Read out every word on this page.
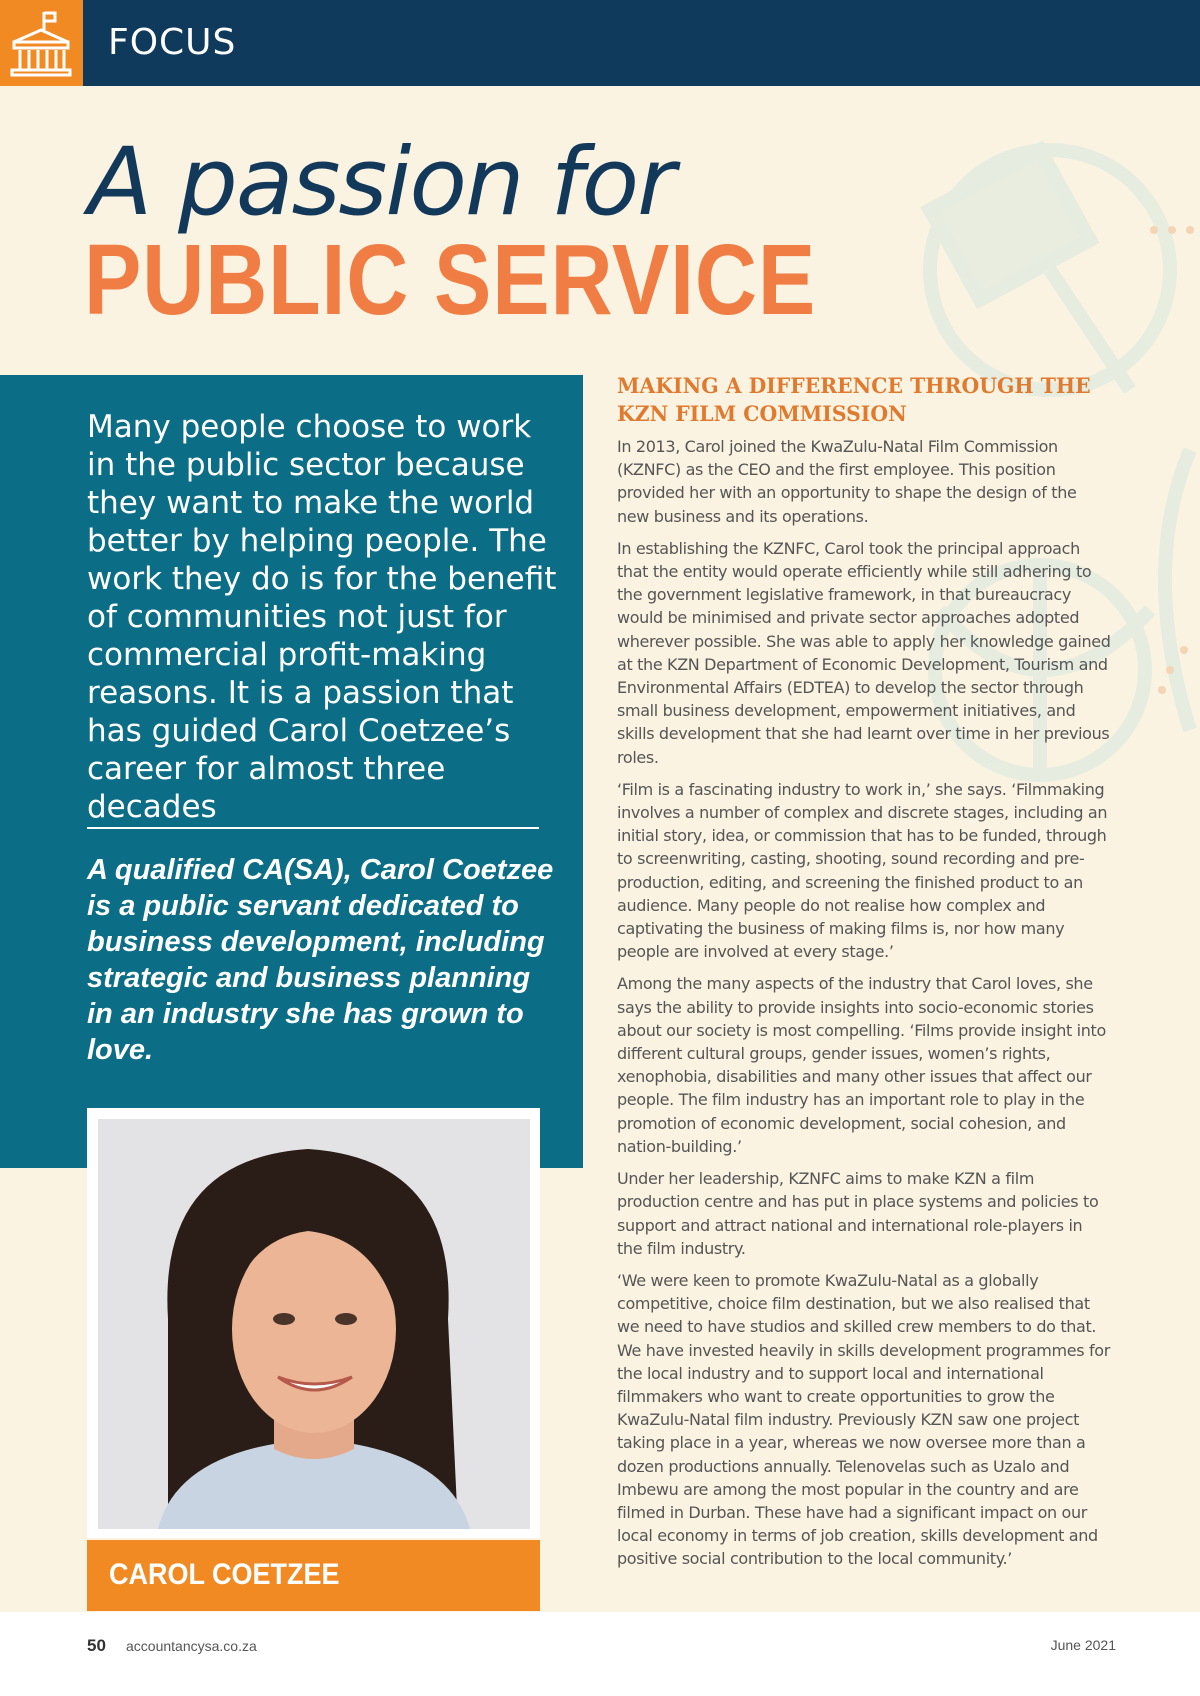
FOCUS
A passion for
PUBLIC SERVICE
Many people choose to work in the public sector because they want to make the world better by helping people. The work they do is for the benefit of communities not just for commercial profit-making reasons. It is a passion that has guided Carol Coetzee’s career for almost three decades
A qualified CA(SA), Carol Coetzee is a public servant dedicated to business development, including strategic and business planning in an industry she has grown to love.
CAROL COETZEE
MAKING A DIFFERENCE THROUGH THE KZN FILM COMMISSION

In 2013, Carol joined the KwaZulu-Natal Film Commission (KZNFC) as the CEO and the first employee. This position provided her with an opportunity to shape the design of the new business and its operations.

In establishing the KZNFC, Carol took the principal approach that the entity would operate efficiently while still adhering to the government legislative framework, in that bureaucracy would be minimised and private sector approaches adopted wherever possible. She was able to apply her knowledge gained at the KZN Department of Economic Development, Tourism and Environmental Affairs (EDTEA) to develop the sector through small business development, empowerment initiatives, and skills development that she had learnt over time in her previous roles.

‘Film is a fascinating industry to work in,’ she says. ‘Filmmaking involves a number of complex and discrete stages, including an initial story, idea, or commission that has to be funded, through to screenwriting, casting, shooting, sound recording and pre-production, editing, and screening the finished product to an audience. Many people do not realise how complex and captivating the business of making films is, nor how many people are involved at every stage.’

Among the many aspects of the industry that Carol loves, she says the ability to provide insights into socio-economic stories about our society is most compelling. ‘Films provide insight into different cultural groups, gender issues, women’s rights, xenophobia, disabilities and many other issues that affect our people. The film industry has an important role to play in the promotion of economic development, social cohesion, and nation-building.’

Under her leadership, KZNFC aims to make KZN a film production centre and has put in place systems and policies to support and attract national and international role-players in the film industry.

‘We were keen to promote KwaZulu-Natal as a globally competitive, choice film destination, but we also realised that we need to have studios and skilled crew members to do that. We have invested heavily in skills development programmes for the local industry and to support local and international filmmakers who want to create opportunities to grow the KwaZulu-Natal film industry. Previously KZN saw one project taking place in a year, whereas we now oversee more than a dozen productions annually. Telenovelas such as Uzalo and Imbewu are among the most popular in the country and are filmed in Durban. These have had a significant impact on our local economy in terms of job creation, skills development and positive social contribution to the local community.’

50 accountancysa.co.za	June 2021
